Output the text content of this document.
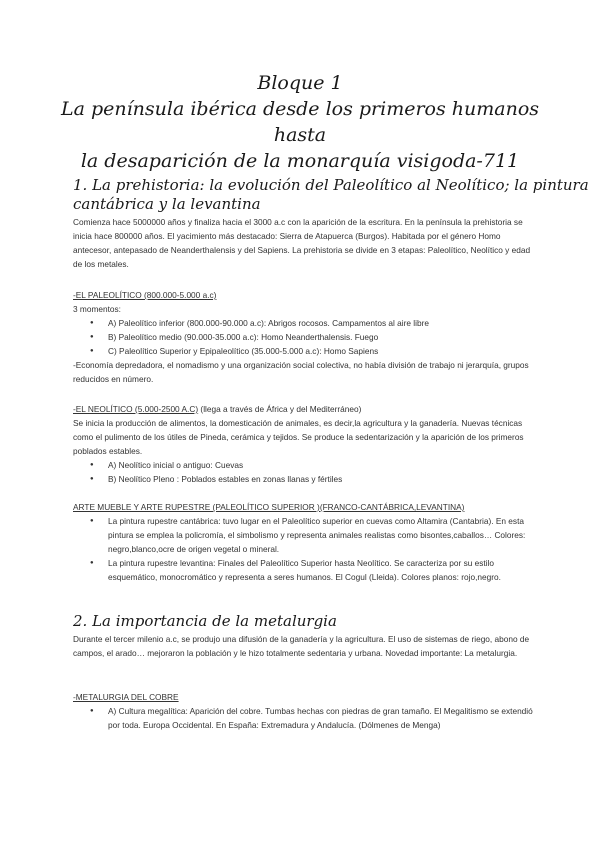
Bloque 1
La península ibérica desde los primeros humanos hasta
la desaparición de la monarquía visigoda-711
1. La prehistoria: la evolución del Paleolítico al Neolítico; la pintura
cantábrica y la levantina

Comienza hace 5000000 años y finaliza hacia el 3000 a.c con la aparición de la escritura. En la península la prehistoria se inicia hace 800000 años. El yacimiento más destacado: Sierra de Atapuerca (Burgos). Habitada por el género Homo antecesor, antepasado de Neanderthalensis y del Sapiens. La prehistoria se divide en 3 etapas: Paleolítico, Neolítico y edad de los metales.

-EL PALEOLÍTICO (800.000-5.000 a.c)

3 momentos:

● A) Paleolítico inferior (800.000-90.000 a.c): Abrigos rocosos. Campamentos al aire libre
● B) Paleolítico medio (90.000-35.000 a.c): Homo Neanderthalensis. Fuego
● C) Paleolítico Superior y Epipaleolítico (35.000-5.000 a.c): Homo Sapiens

-Economía depredadora, el nomadismo y una organización social colectiva, no había división de trabajo ni jerarquía, grupos reducidos en número.

-EL NEOLÍTICO (5.000-2500 A.C) (llega a través de África y del Mediterráneo)

Se inicia la producción de alimentos, la domesticación de animales, es decir,la agricultura y la ganadería. Nuevas técnicas como el pulimento de los útiles de Pineda, cerámica y tejidos. Se produce la sedentarización y la aparición de los primeros poblados estables.

● A) Neolítico inicial o antiguo: Cuevas
● B) Neolítico Pleno : Poblados estables en zonas llanas y fértiles

ARTE MUEBLE Y ARTE RUPESTRE (PALEOLÍTICO SUPERIOR )(FRANCO-CANTÁBRICA,LEVANTINA)

● La pintura rupestre cantábrica: tuvo lugar en el Paleolítico superior en cuevas como Altamira (Cantabria). En esta pintura se emplea la policromía, el simbolismo y representa animales realistas como bisontes,caballos… Colores: negro,blanco,ocre de origen vegetal o mineral.
● La pintura rupestre levantina: Finales del Paleolítico Superior hasta Neolítico. Se caracteriza por su estilo esquemático, monocromático y representa a seres humanos. El Cogul (Lleida). Colores planos: rojo,negro.
2. La importancia de la metalurgia

Durante el tercer milenio a.c, se produjo una difusión de la ganadería y la agricultura. El uso de sistemas de riego, abono de campos, el arado… mejoraron la población y le hizo totalmente sedentaria y urbana. Novedad importante: La metalurgia.

-METALURGIA DEL COBRE

● A) Cultura megalítica: Aparición del cobre. Tumbas hechas con piedras de gran tamaño. El Megalitismo se extendió por toda. Europa Occidental. En España: Extremadura y Andalucía. (Dólmenes de Menga)
